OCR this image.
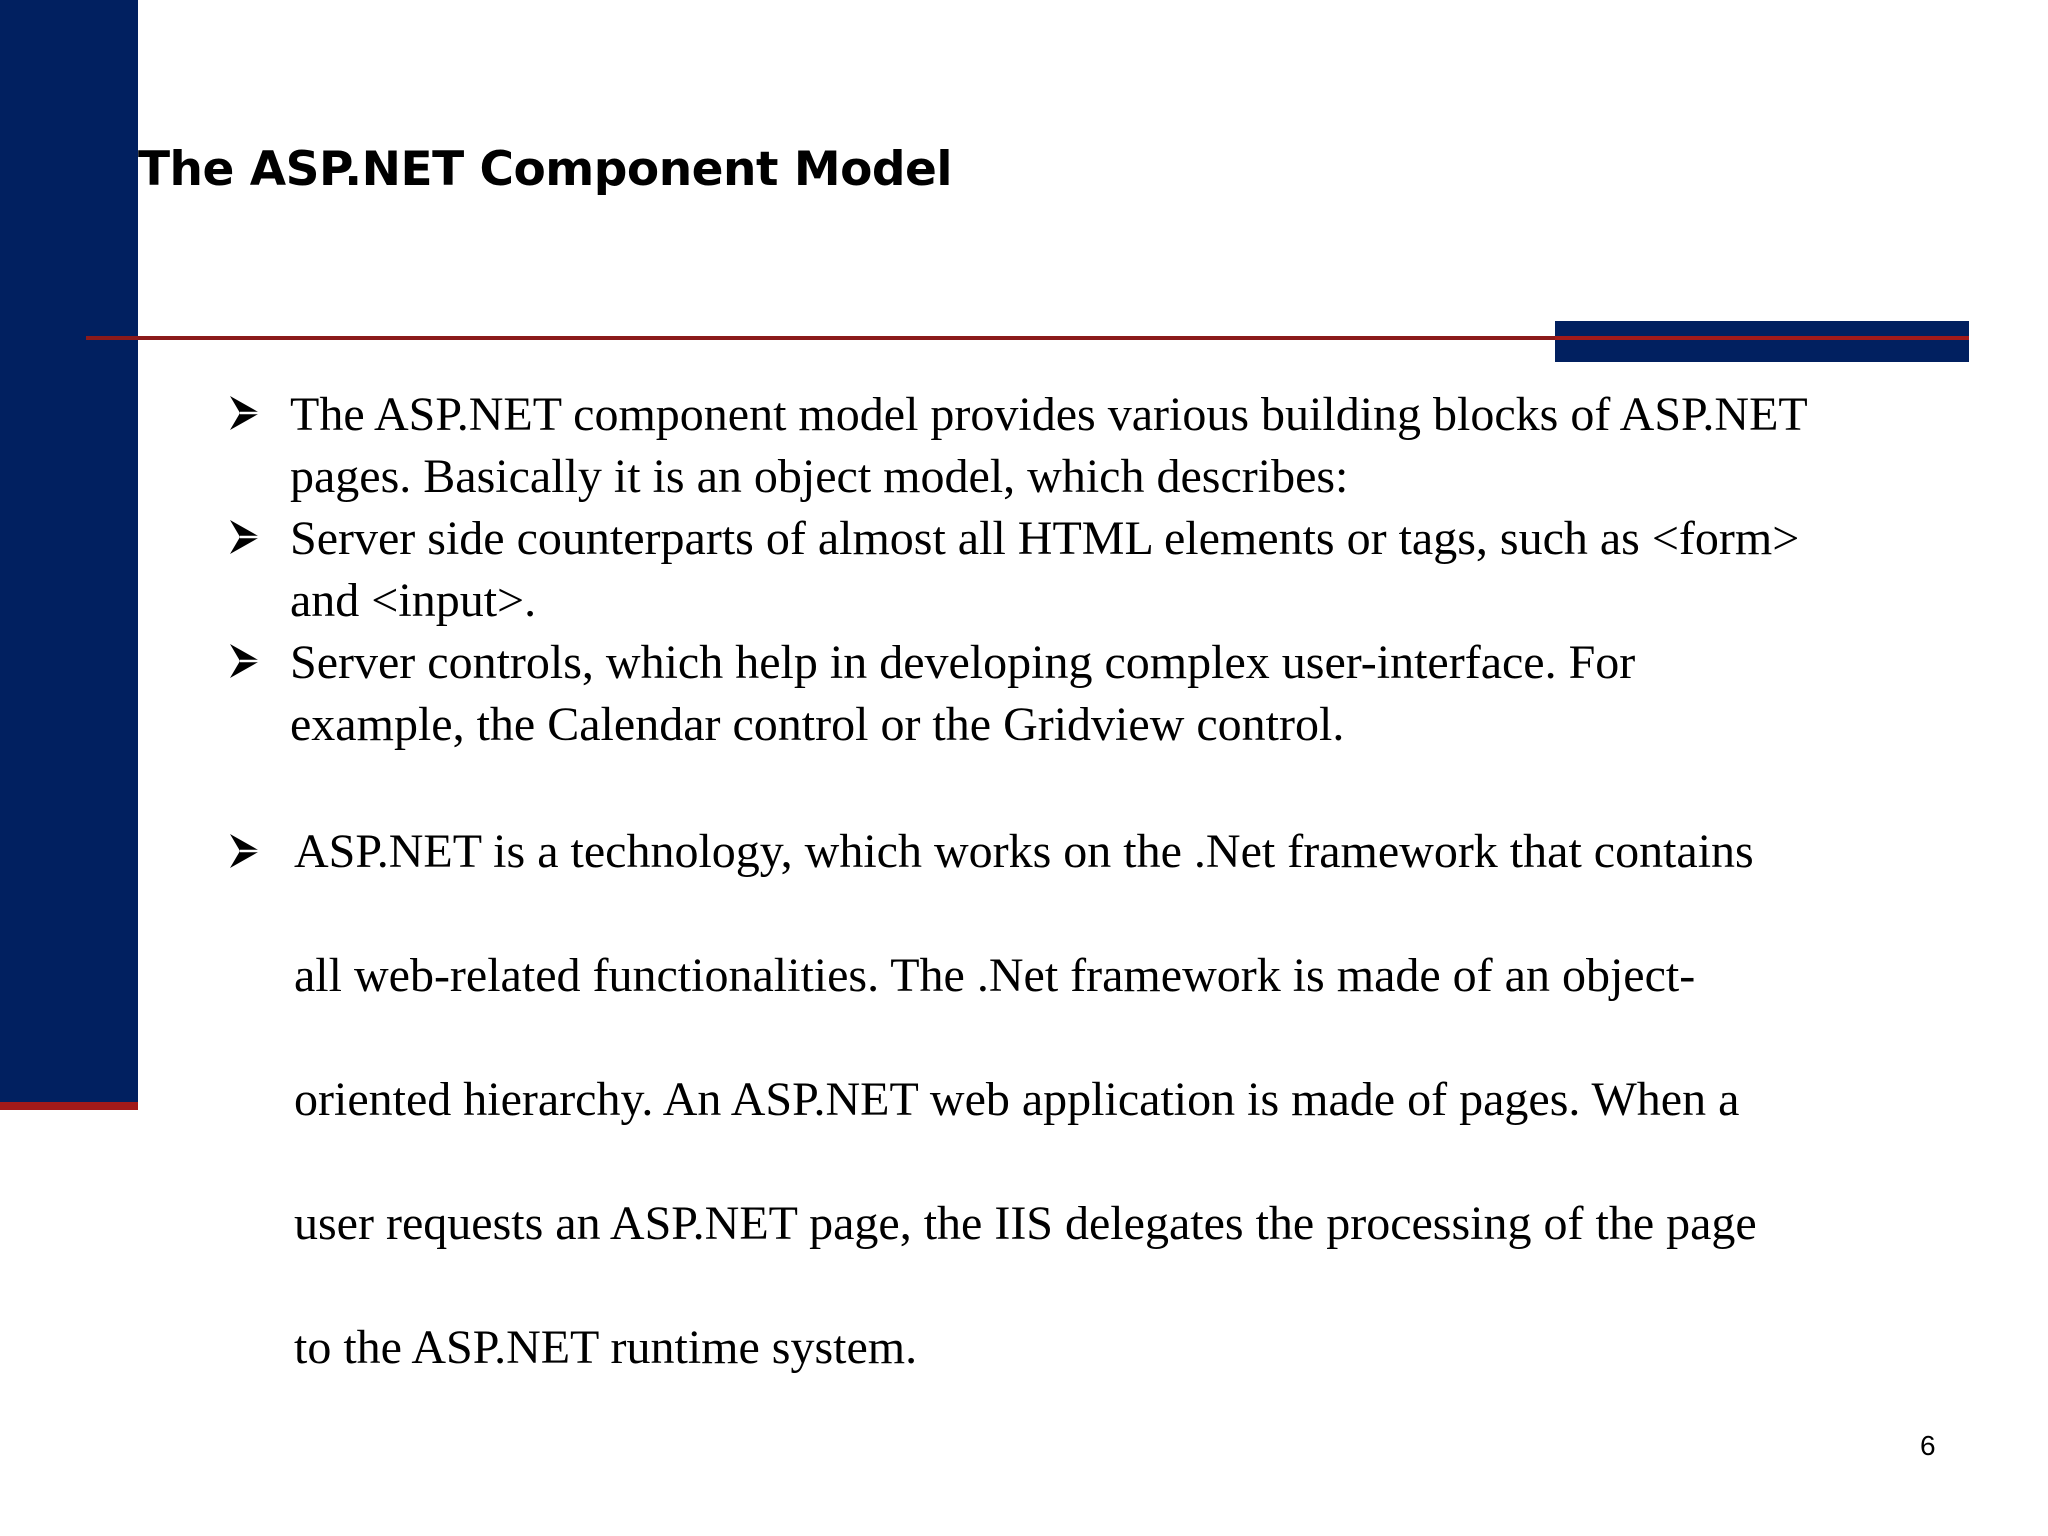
The ASP.NET Component Model
The ASP.NET component model provides various building blocks of ASP.NET
pages. Basically it is an object model, which describes:
Server side counterparts of almost all HTML elements or tags, such as <form>
and <input>.
Server controls, which help in developing complex user-interface. For
example, the Calendar control or the Gridview control.
ASP.NET is a technology, which works on the .Net framework that contains
all web-related functionalities. The .Net framework is made of an object-
oriented hierarchy. An ASP.NET web application is made of pages. When a
user requests an ASP.NET page, the IIS delegates the processing of the page
to the ASP.NET runtime system.
6
